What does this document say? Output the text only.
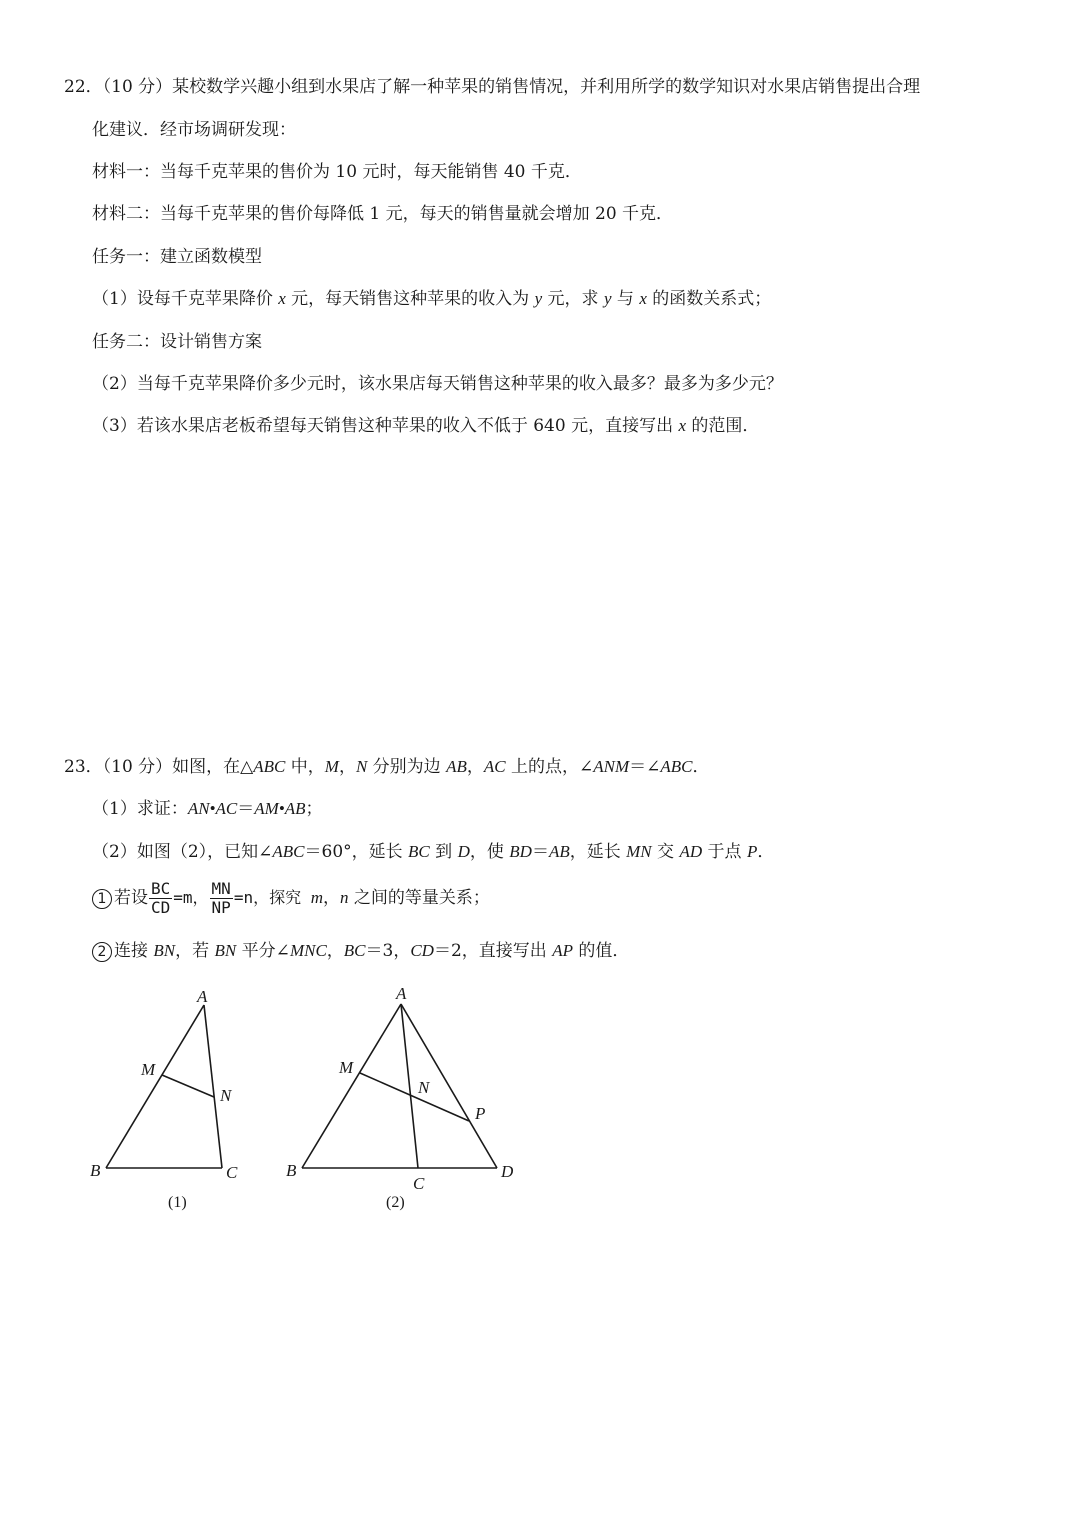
22．（10 分）某校数学兴趣小组到水果店了解一种苹果的销售情况，并利用所学的数学知识对水果店销售提出合理
化建议．经市场调研发现：
材料一：当每千克苹果的售价为 10 元时，每天能销售 40 千克．
材料二：当每千克苹果的售价每降低 1 元，每天的销售量就会增加 20 千克．
任务一：建立函数模型
（1）设每千克苹果降价 x 元，每天销售这种苹果的收入为 y 元，求 y 与 x 的函数关系式；
任务二：设计销售方案
（2）当每千克苹果降价多少元时，该水果店每天销售这种苹果的收入最多？最多为多少元？
（3）若该水果店老板希望每天销售这种苹果的收入不低于 640 元，直接写出 x 的范围．
23．（10 分）如图，在△ABC 中，M，N 分别为边 AB，AC 上的点，∠ANM＝∠ABC．
（1）求证：AN•AC＝AM•AB；
（2）如图（2），已知∠ABC＝60°，延长 BC 到 D，使 BD＝AB，延长 MN 交 AD 于点 P．
1 若设 $\frac{BC}{CD} =m$， $\frac{MN}{NP} =n$，探究 m，n 之间的等量关系；
2 连接 BN，若 BN 平分∠MNC，BC＝3，CD＝2，直接写出 AP 的值．
A
M
N
B	C
(1)
A
M
N
P
B
C
D
(2)
